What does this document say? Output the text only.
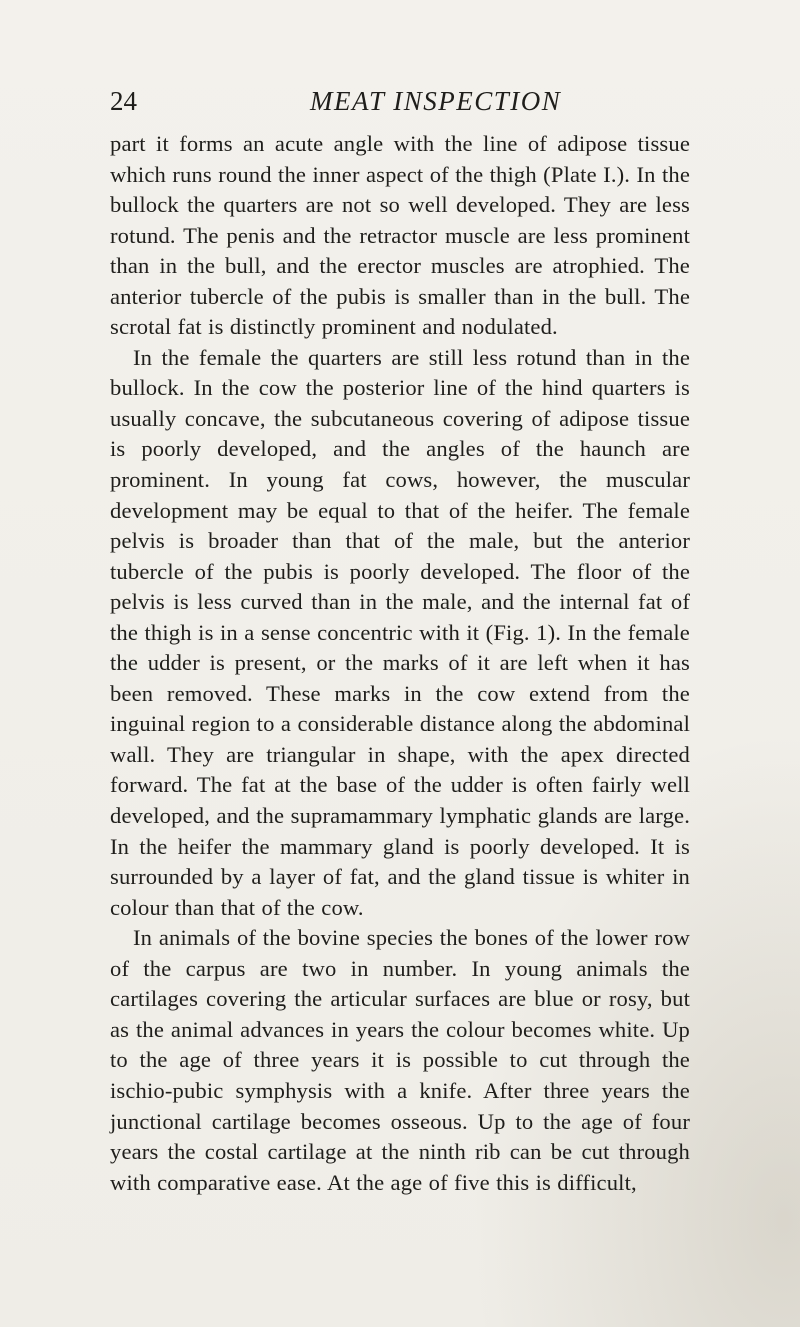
24	MEAT INSPECTION

part it forms an acute angle with the line of adipose tissue which runs round the inner aspect of the thigh (Plate I.). In the bullock the quarters are not so well developed. They are less rotund. The penis and the retractor muscle are less prominent than in the bull, and the erector muscles are atrophied. The anterior tubercle of the pubis is smaller than in the bull. The scrotal fat is distinctly prominent and nodulated.

In the female the quarters are still less rotund than in the bullock. In the cow the posterior line of the hind quarters is usually concave, the subcutaneous covering of adipose tissue is poorly developed, and the angles of the haunch are prominent. In young fat cows, however, the muscular development may be equal to that of the heifer. The female pelvis is broader than that of the male, but the anterior tubercle of the pubis is poorly developed. The floor of the pelvis is less curved than in the male, and the internal fat of the thigh is in a sense concentric with it (Fig. 1). In the female the udder is present, or the marks of it are left when it has been removed. These marks in the cow extend from the inguinal region to a considerable distance along the abdominal wall. They are triangular in shape, with the apex directed forward. The fat at the base of the udder is often fairly well developed, and the supramammary lymphatic glands are large. In the heifer the mammary gland is poorly developed. It is surrounded by a layer of fat, and the gland tissue is whiter in colour than that of the cow.

In animals of the bovine species the bones of the lower row of the carpus are two in number. In young animals the cartilages covering the articular surfaces are blue or rosy, but as the animal advances in years the colour becomes white. Up to the age of three years it is possible to cut through the ischio-pubic symphysis with a knife. After three years the junctional cartilage becomes osseous. Up to the age of four years the costal cartilage at the ninth rib can be cut through with comparative ease. At the age of five this is difficult,
